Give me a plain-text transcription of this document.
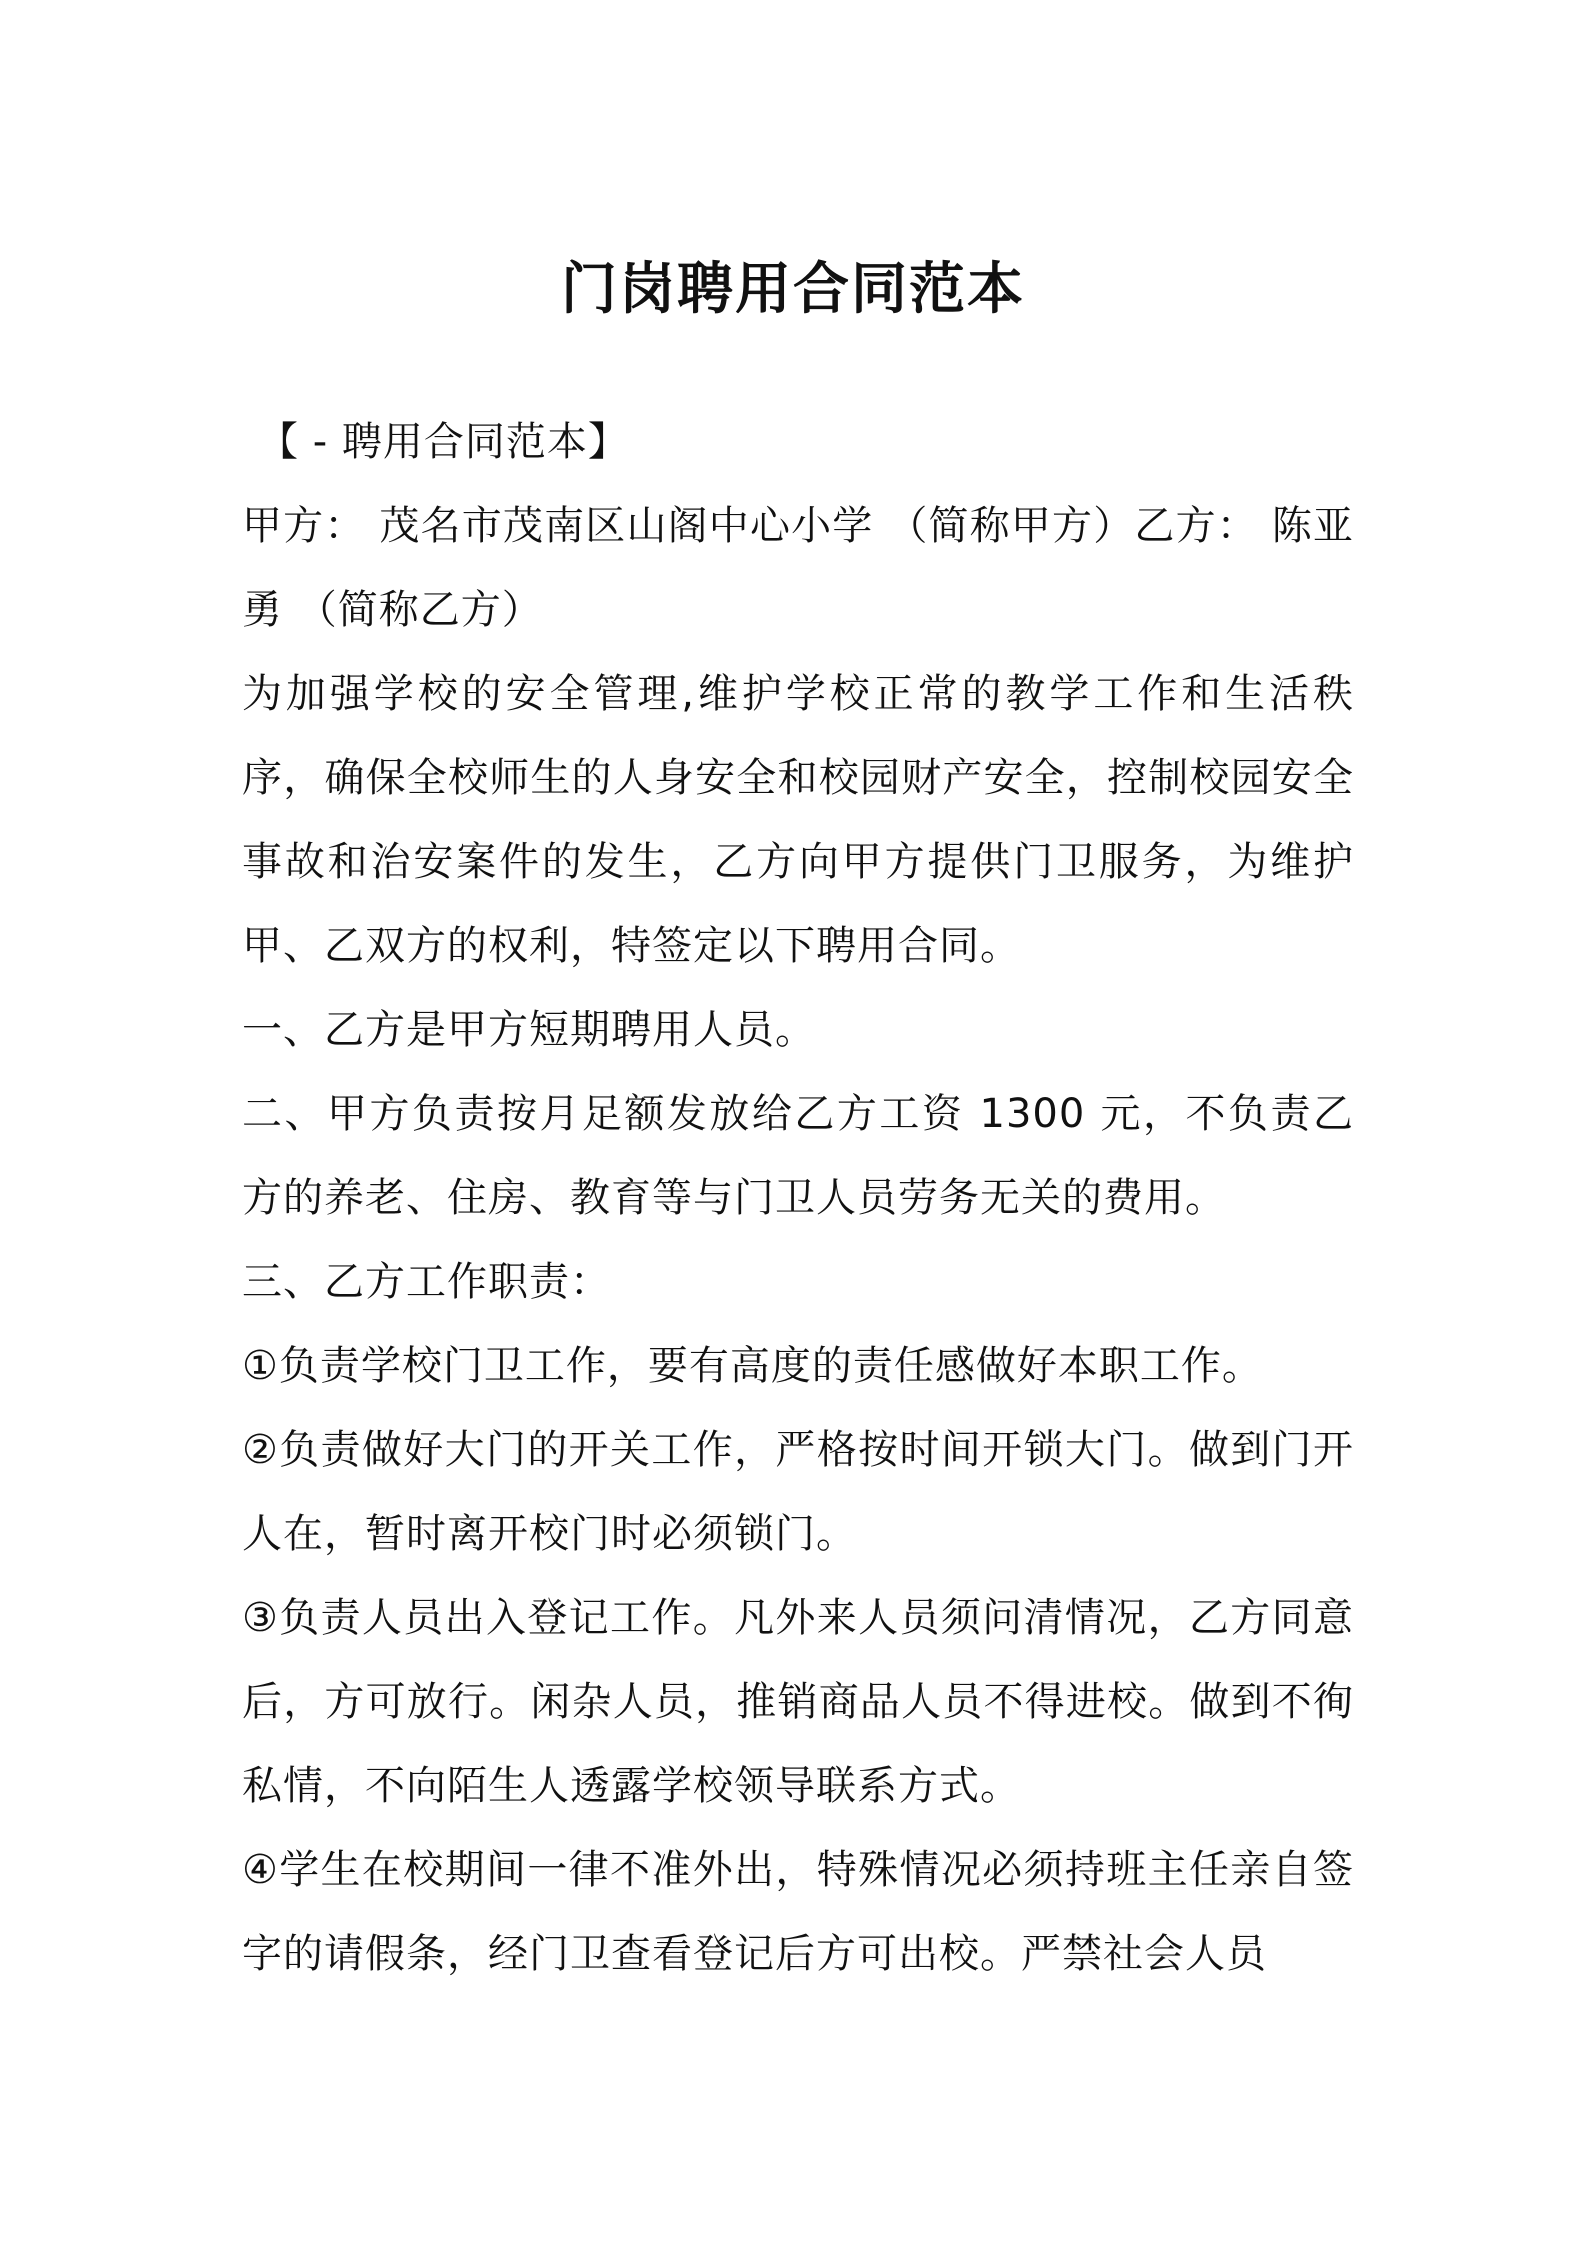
门岗聘用合同范本

【 - 聘用合同范本】

甲方： 茂名市茂南区山阁中心小学 （简称甲方）乙方： 陈亚勇 （简称乙方）

为加强学校的安全管理,维护学校正常的教学工作和生活秩序，确保全校师生的人身安全和校园财产安全，控制校园安全事故和治安案件的发生，乙方向甲方提供门卫服务，为维护甲、乙双方的权利，特签定以下聘用合同。

一、乙方是甲方短期聘用人员。

二、甲方负责按月足额发放给乙方工资 1300 元，不负责乙方的养老、住房、教育等与门卫人员劳务无关的费用。

三、乙方工作职责：

①负责学校门卫工作，要有高度的责任感做好本职工作。

②负责做好大门的开关工作，严格按时间开锁大门。做到门开人在，暂时离开校门时必须锁门。

③负责人员出入登记工作。凡外来人员须问清情况，乙方同意后，方可放行。闲杂人员，推销商品人员不得进校。做到不徇私情，不向陌生人透露学校领导联系方式。

④学生在校期间一律不准外出，特殊情况必须持班主任亲自签字的请假条，经门卫查看登记后方可出校。严禁社会人员
